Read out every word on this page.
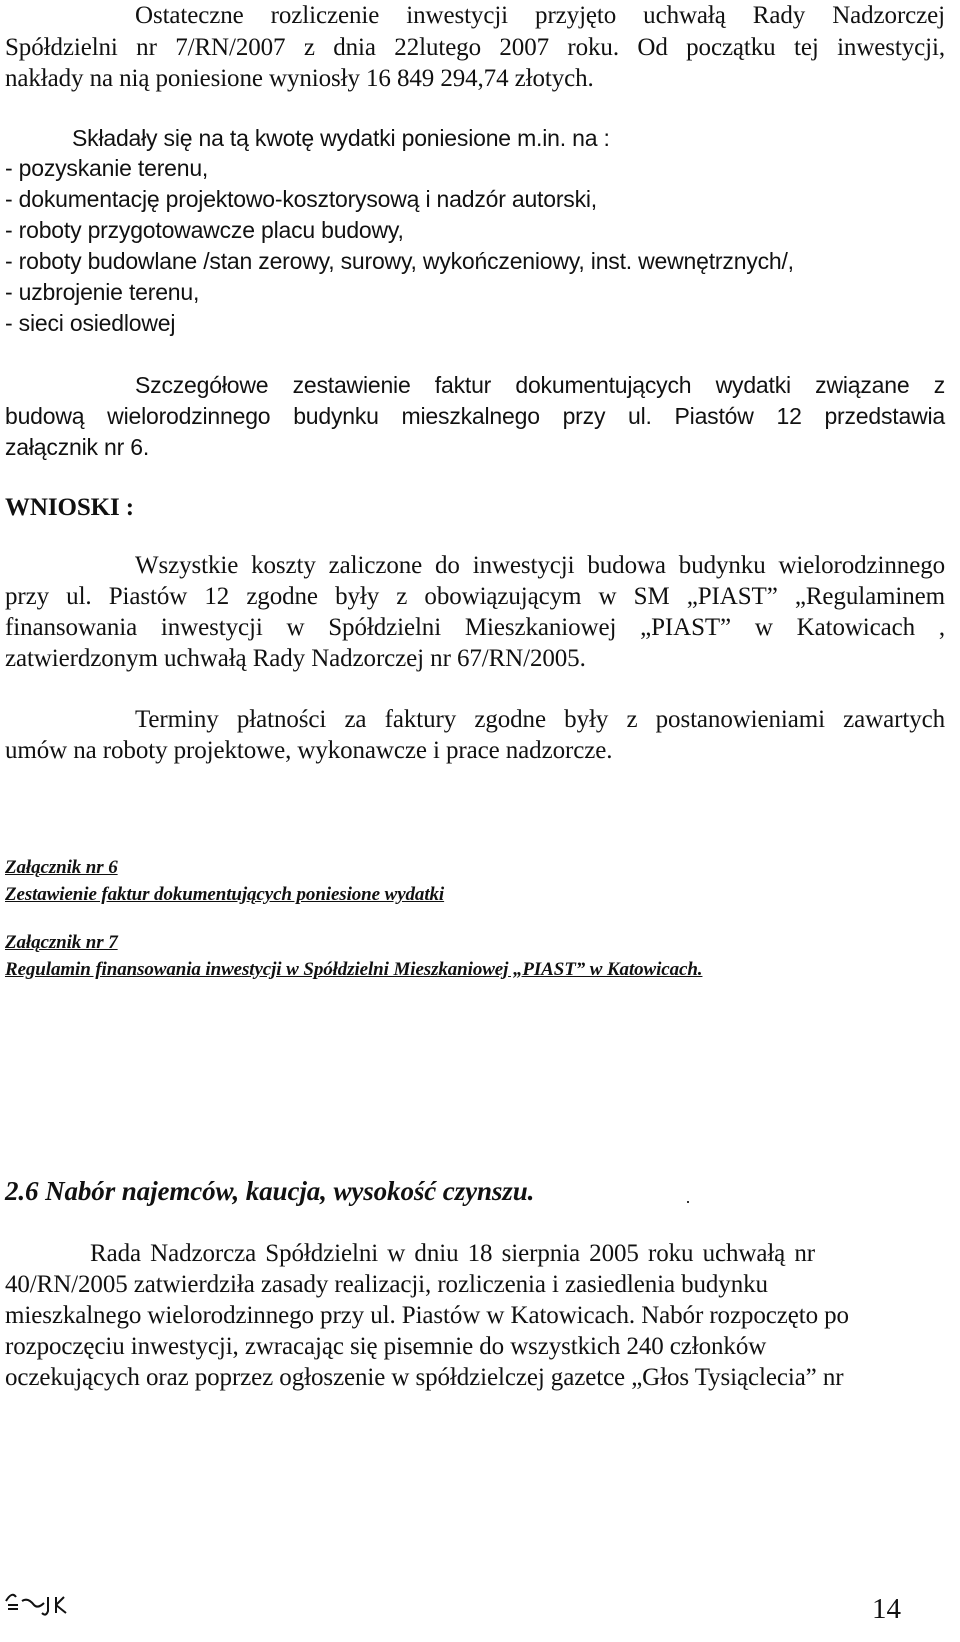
Ostateczne rozliczenie inwestycji przyjęto uchwałą Rady Nadzorczej
Spółdzielni nr 7/RN/2007 z dnia 22lutego 2007 roku. Od początku tej inwestycji,
nakłady na nią poniesione wyniosły 16 849 294,74 złotych.
Składały się na tą kwotę wydatki poniesione m.in. na :
- pozyskanie terenu,
- dokumentację projektowo-kosztorysową i nadzór autorski,
- roboty przygotowawcze placu budowy,
- roboty budowlane /stan zerowy, surowy, wykończeniowy, inst. wewnętrznych/,
- uzbrojenie terenu,
- sieci osiedlowej
Szczegółowe zestawienie faktur dokumentujących wydatki związane z
budową wielorodzinnego budynku mieszkalnego przy ul. Piastów 12 przedstawia
załącznik nr 6.
WNIOSKI :
Wszystkie koszty zaliczone do inwestycji budowa budynku wielorodzinnego
przy ul. Piastów 12 zgodne były z obowiązującym w SM „PIAST” „Regulaminem
finansowania inwestycji w Spółdzielni Mieszkaniowej „PIAST” w Katowicach ,
zatwierdzonym uchwałą Rady Nadzorczej nr 67/RN/2005.
Terminy płatności za faktury zgodne były z postanowieniami zawartych
umów na roboty projektowe, wykonawcze i prace nadzorcze.
Załącznik nr 6
Zestawienie faktur dokumentujących poniesione wydatki
Załącznik nr 7
Regulamin finansowania inwestycji w Spółdzielni Mieszkaniowej „PIAST” w Katowicach.
2.6 Nabór najemców, kaucja, wysokość czynszu.
Rada Nadzorcza Spółdzielni w dniu 18 sierpnia 2005 roku uchwałą nr
40/RN/2005 zatwierdziła zasady realizacji, rozliczenia i zasiedlenia budynku
mieszkalnego wielorodzinnego przy ul. Piastów w Katowicach. Nabór rozpoczęto po
rozpoczęciu inwestycji, zwracając się pisemnie do wszystkich 240 członków
oczekujących oraz poprzez ogłoszenie w spółdzielczej gazetce „Głos Tysiąclecia” nr
14
